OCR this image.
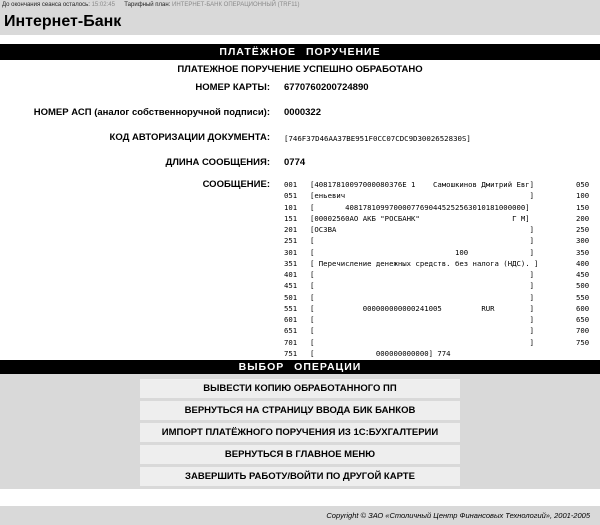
До окончания сеанса осталось: 15:02:45 Тарифный план: ИНТЕРНЕТ-БАНК ОПЕРАЦИОННЫЙ (TRF11)
Интернет-Банк
ПЛАТЁЖНОЕ ПОРУЧЕНИЕ
ПЛАТЕЖНОЕ ПОРУЧЕНИЕ УСПЕШНО ОБРАБОТАНО
НОМЕР КАРТЫ: 6770760200724890
НОМЕР АСП (аналог собственноручной подписи): 0000322
КОД АВТОРИЗАЦИИ ДОКУМЕНТА: [746F37D46AA37BE951F0CC07CDC9D3002652830S]
ДЛИНА СООБЩЕНИЯ: 0774
СООБЩЕНИЕ: 001 [40817810097000080376Е 1    Самошкинов Дмитрий Евг]	050
051 [еньевич                                          ]	100
101 [       40817810997000077690445252563010181000000]	150
151 [00002560АО АКБ "РОСБАНК"                     Г М]	200
201 [ОСЗВА                                            ]	250
251 [                                                 ]	300
301 [                                100              ]	350
351 [ Перечисление денежных средств. без налога (НДС). ]	400
401 [                                                 ]	450
451 [                                                 ]	500
501 [                                                 ]	550
551 [           000000000000241005         RUR        ]	600
601 [                                                 ]	650
651 [                                                 ]	700
701 [                                                 ]	750
751 [              000000000000] 774
ВЫБОР ОПЕРАЦИИ
ВЫВЕСТИ КОПИЮ ОБРАБОТАННОГО ПП
ВЕРНУТЬСЯ НА СТРАНИЦУ ВВОДА БИК БАНКОВ
ИМПОРТ ПЛАТЁЖНОГО ПОРУЧЕНИЯ ИЗ 1С:БУХГАЛТЕРИИ
ВЕРНУТЬСЯ В ГЛАВНОЕ МЕНЮ
ЗАВЕРШИТЬ РАБОТУ/ВОЙТИ ПО ДРУГОЙ КАРТЕ
Copyright © ЗАО «Столичный Центр Финансовых Технологий», 2001-2005
